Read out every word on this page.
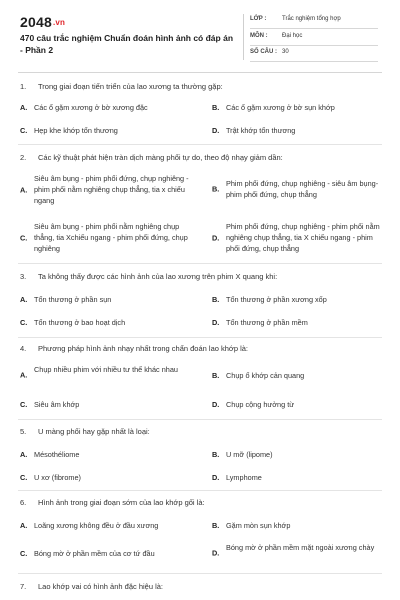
2048.vn
470 câu trắc nghiệm Chuẩn đoán hình ảnh có đáp án - Phần 2
LỚP :	Trắc nghiệm tổng hợp
MÔN : Đại học
SỐ CÂU : 30
1. Trong giai đoạn tiến triển của lao xương ta thường gặp:
A. Các ổ gặm xương ở bờ xương đặc	B. Các ổ gặm xương ở bờ sụn khớp
C. Hẹp khe khớp tổn thương	D. Trật khớp tổn thương
2. Các kỹ thuật phát hiện tràn dịch màng phổi tự do, theo độ nhạy giảm dần:
A.
Siêu âm bụng - phim phổi đứng, chụp nghiêng - phim phổi nằm nghiêng chụp thẳng, tia x chiếu ngang
B.
Phim phổi đứng, chụp nghiêng - siêu âm bụng- phim phổi đứng, chụp thẳng
C.
Siêu âm bụng - phim phổi nằm nghiêng chụp thẳng, tia Xchiếu ngang - phim phổi đứng, chụp nghiêng
D.
Phim phổi đứng, chụp nghiêng - phim phổi nằm nghiêng chụp thẳng, tia X chiếu ngang - phim phổi đứng, chụp thẳng
3. Ta không thấy được các hình ảnh của lao xương trên phim X quang khi:
A. Tổn thương ở phần sụn	B. Tổn thương ở phần xương xốp
C. Tổn thương ở bao hoạt dịch	D. Tổn thương ở phần mềm
4. Phương pháp hình ảnh nhạy nhất trong chẩn đoán lao khớp là:
A.
Chụp nhiều phim với nhiều tư thế khác nhau
B. Chụp ổ khớp cản quang
C. Siêu âm khớp	D. Chụp cộng hưởng từ
5. U màng phổi hay gặp nhất là loại:
A. Mésothéliome	B. U mỡ (lipome)
C. U xơ (fibrome)	D. Lymphome
6. Hình ảnh trong giai đoạn sớm của lao khớp gối là:
A. Loãng xương không đều ở đầu xương	B. Gặm mòn sụn khớp
C. Bóng mờ ở phần mềm của cơ tứ đầu	D.
Bóng mờ ở phần mềm mặt ngoài xương chày
7. Lao khớp vai có hình ảnh đặc hiệu là:
